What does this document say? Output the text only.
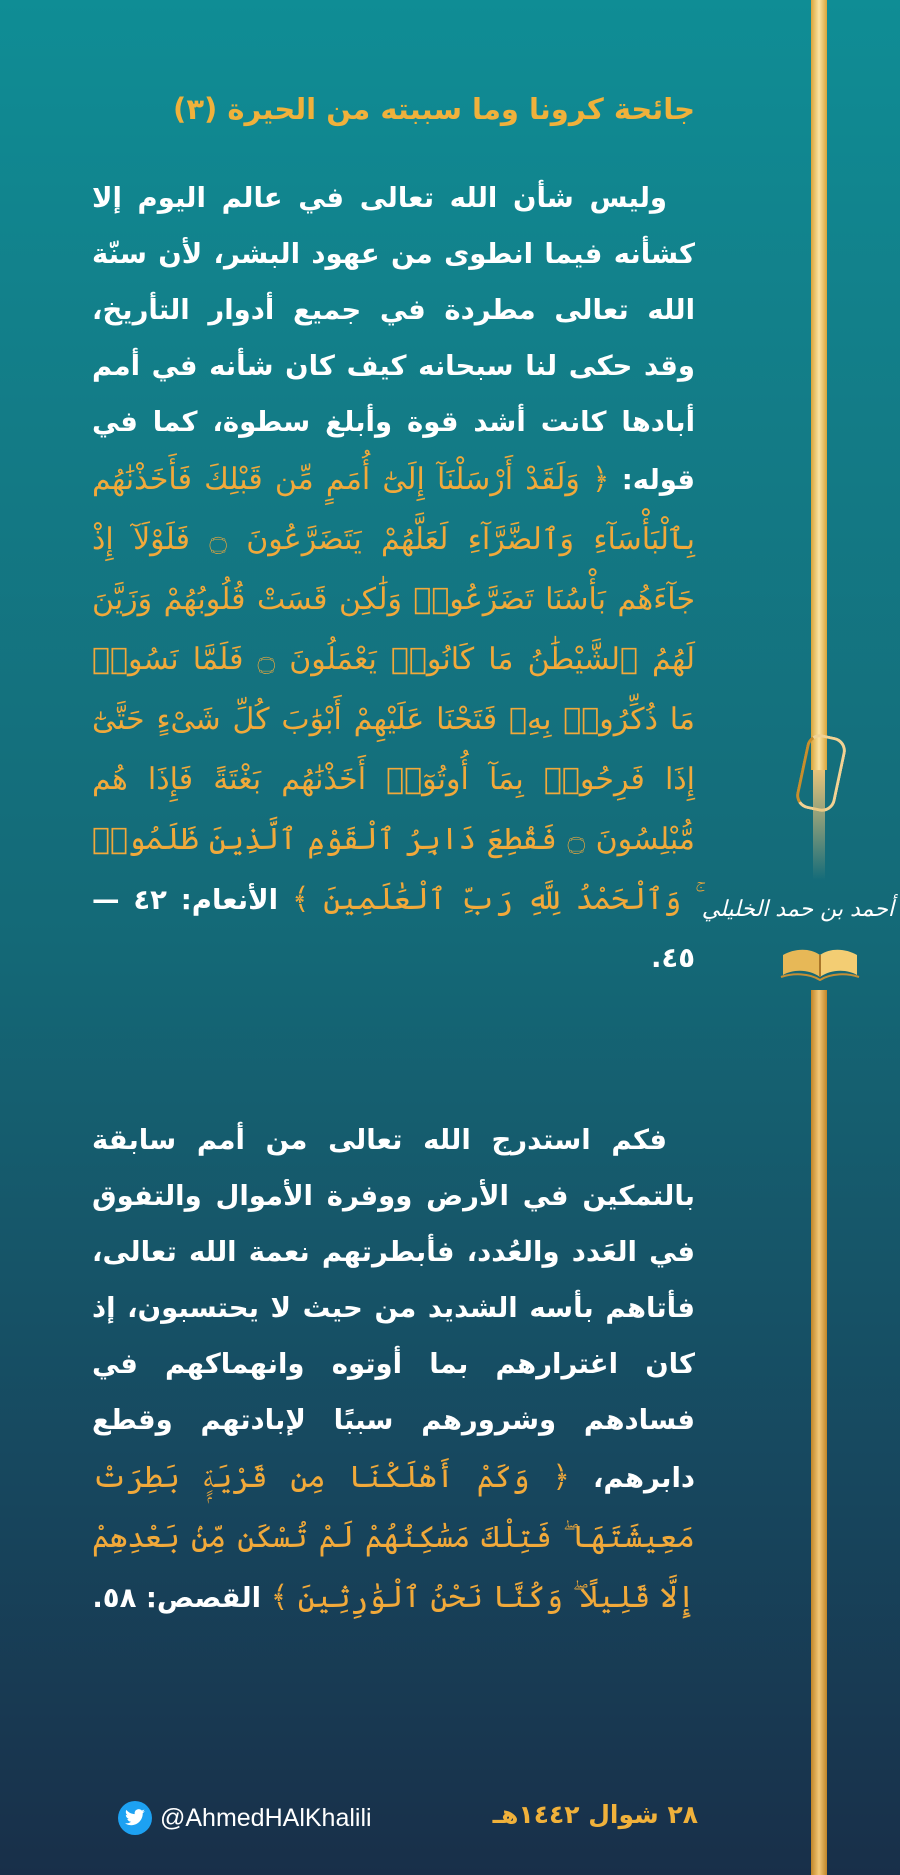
أحمد بن حمد الخليلي
جائحة كرونا وما سببته من الحيرة (٣)

وليس شأن الله تعالى في عالم اليوم إلا كشأنه فيما انطوى من عهود البشر، لأن سنّة الله تعالى مطردة في جميع أدوار التأريخ، وقد حكى لنا سبحانه كيف كان شأنه في أمم أبادها كانت أشد قوة وأبلغ سطوة، كما في قوله: ﴿ وَلَقَدْ أَرْسَلْنَآ إِلَىٰٓ أُمَمٍ مِّن قَبْلِكَ فَأَخَذْنَٰهُم بِٱلْبَأْسَآءِ وَٱلضَّرَّآءِ لَعَلَّهُمْ يَتَضَرَّعُونَ ۝ فَلَوْلَآ إِذْ جَآءَهُم بَأْسُنَا تَضَرَّعُوا۟ وَلَٰكِن قَسَتْ قُلُوبُهُمْ وَزَيَّنَ لَهُمُ ٱلشَّيْطَٰنُ مَا كَانُوا۟ يَعْمَلُونَ ۝ فَلَمَّا نَسُوا۟ مَا ذُكِّرُوا۟ بِهِۦ فَتَحْنَا عَلَيْهِمْ أَبْوَٰبَ كُلِّ شَىْءٍ حَتَّىٰٓ إِذَا فَرِحُوا۟ بِمَآ أُوتُوٓا۟ أَخَذْنَٰهُم بَغْتَةً فَإِذَا هُم مُّبْلِسُونَ ۝ فَقُطِعَ دَابِرُ ٱلْقَوْمِ ٱلَّذِينَ ظَلَمُوا۟ ۚ وَٱلْحَمْدُ لِلَّهِ رَبِّ ٱلْعَٰلَمِينَ ﴾ الأنعام: ٤٢ — ٤٥.

فكم استدرج الله تعالى من أمم سابقة بالتمكين في الأرض ووفرة الأموال والتفوق في العَدد والعُدد، فأبطرتهم نعمة الله تعالى، فأتاهم بأسه الشديد من حيث لا يحتسبون، إذ كان اغترارهم بما أوتوه وانهماكهم في فسادهم وشرورهم سببًا لإبادتهم وقطع دابرهم، ﴿ وَكَمْ أَهْلَكْنَا مِن قَرْيَةٍۭ بَطِرَتْ مَعِيشَتَهَا ۖ فَتِلْكَ مَسَٰكِنُهُمْ لَمْ تُسْكَن مِّنۢ بَعْدِهِمْ إِلَّا قَلِيلًا ۖ وَكُنَّا نَحْنُ ٱلْوَٰرِثِينَ ﴾ القصص: ٥٨.

٢٨ شوال ١٤٤٢هـ
@AhmedHAlKhalili
